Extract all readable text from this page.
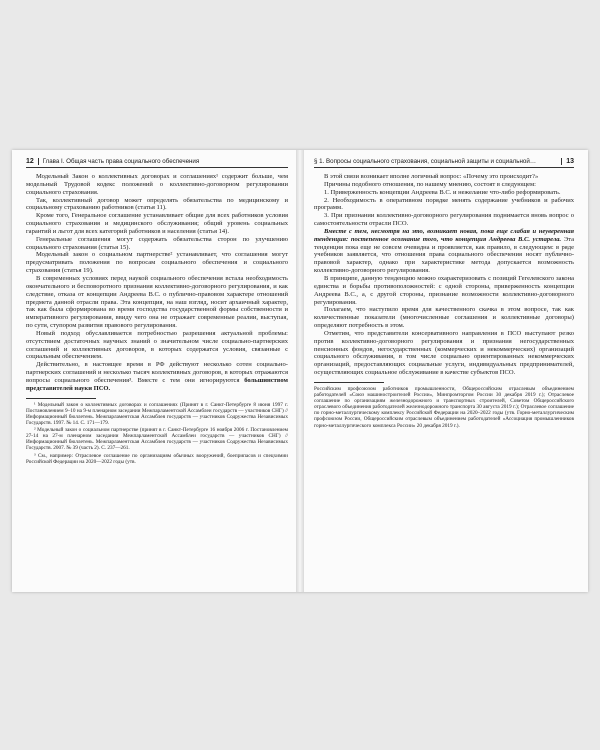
12 Глава I. Общая часть права социального обеспечения

Модельный Закон о коллективных договорах и соглашениях¹ содержит больше, чем модельный Трудовой кодекс положений о коллективно-договорном регулировании социального страхования.

Так, коллективный договор может определять обязательства по медицинскому и социальному страхованию работников (статья 11).

Кроме того, Генеральное соглашение устанавливает общие для всех работников условия социального страхования и медицинского обслуживания; общий уровень социальных гарантий и льгот для всех категорий работников и населения (статья 14).

Генеральные соглашения могут содержать обязательства сторон по улучшению социального страхования (статья 15).

Модельный закон о социальном партнерстве² устанавливает, что соглашения могут предусматривать положения по вопросам социального обеспечения и социального страхования (статья 19).

В современных условиях перед наукой социального обеспечения встала необходимость окончательного и бесповоротного признания коллективно-договорного регулирования, и как следствие, отказа от концепции Андреева В.С. о публично-правовом характере отношений предмета данной отрасли права. Эта концепция, на наш взгляд, носит архаичный характер, так как была сформирована во время господства государственной формы собственности и императивного регулирования, ввиду чего она не отражает современные реалии, выступая, по сути, ступором развития правового регулирования.

Новый подход обуславливается потребностью разрешения актуальной проблемы: отсутствием достаточных научных знаний о значительном числе социально-партнерских соглашений и коллективных договоров, в которых содержатся условия, связанные с социальным обеспечением.

Действительно, в настоящее время в РФ действуют несколько сотен социально-партнерских соглашений и несколько тысяч коллективных договоров, в которых отражаются вопросы социального обеспечения³. Вместе с тем они игнорируются большинством представителей науки ПСО.

¹ Модельный закон о коллективных договорах и соглашениях (Принят в г. Санкт-Петербурге 8 июня 1997 г. Постановлением 9–10 на 9-м пленарном заседании Межпарламентской Ассамблеи государств — участников СНГ) // Информационный бюллетень. Межпарламентская Ассамблея государств — участников Содружества Независимых Государств. 1997. № 14. С. 171—179.

² Модельный закон о социальном партнерстве (принят в г. Санкт-Петербурге 16 ноября 2006 г. Постановлением 27-14 на 27-м пленарном заседании Межпарламентской Ассамблеи государств — участников СНГ) // Информационный бюллетень. Межпарламентская Ассамблея государств — участников Содружества Независимых Государств. 2007. № 39 (часть 2). С. 237—261.

³ См., например: Отраслевое соглашение по организациям обычных вооружений, боеприпасов и спецхимии Российской Федерации на 2020—2022 годы (утв.

§ 1. Вопросы социального страхования, социальной защиты и социальной…	13

В этой связи возникает вполне логичный вопрос: «Почему это происходит?»

Причины подобного отношения, по нашему мнению, состоят в следующем:

1. Приверженность концепции Андреева В.С. и нежелание что-либо реформировать.

2. Необходимость в оперативном порядке менять содержание учебников и рабочих программ.

3. При признании коллективно-договорного регулирования поднимается вновь вопрос о самостоятельности отрасли ПСО.

Вместе с тем, несмотря на это, возникает новая, пока еще слабая и неуверенная тенденция: постепенное осознание того, что концепция Андреева В.С. устарела. Эта тенденция пока еще не совсем очевидна и проявляется, как правило, в следующем: в ряде учебников заявляется, что отношения права социального обеспечения носят публично-правовой характер, однако при характеристике метода допускается возможность коллективно-договорного регулирования.

В принципе, данную тенденцию можно охарактеризовать с позиций Гегелевского закона единства и борьбы противоположностей: с одной стороны, приверженность концепции Андреева В.С., а, с другой стороны, признание возможности коллективно-договорного регулирования.

Полагаем, что наступило время для качественного скачка в этом вопросе, так как количественные показатели (многочисленные соглашения и коллективные договоры) определяют потребность в этом.

Отметим, что представители консервативного направления в ПСО выступают резко против коллективно-договорного регулирования и признания негосударственных пенсионных фондов, негосударственных (коммерческих и некоммерческих) организаций социального обслуживания, в том числе социально ориентированных некоммерческих организаций, предоставляющих социальные услуги, индивидуальных предпринимателей, осуществляющих социальное обслуживание в качестве субъектов ПСО.

Российским профсоюзом работников промышленности, Общероссийским отраслевым объединением работодателей «Союз машиностроителей России», Минпромторгом России 30 декабря 2019 г.); Отраслевое соглашение по организациям железнодорожного и транспортных строителей, Советом Общероссийского отраслевого объединения работодателей железнодорожного транспорта 30 августа 2019 г.); Отраслевое соглашение по горно-металлургическому комплексу Российской Федерации на 2020–2022 годы (утв. Горно-металлургическим профсоюзом России, Общероссийским отраслевым объединением работодателей «Ассоциация промышленников горно-металлургического комплекса России» 20 декабря 2019 г.).
